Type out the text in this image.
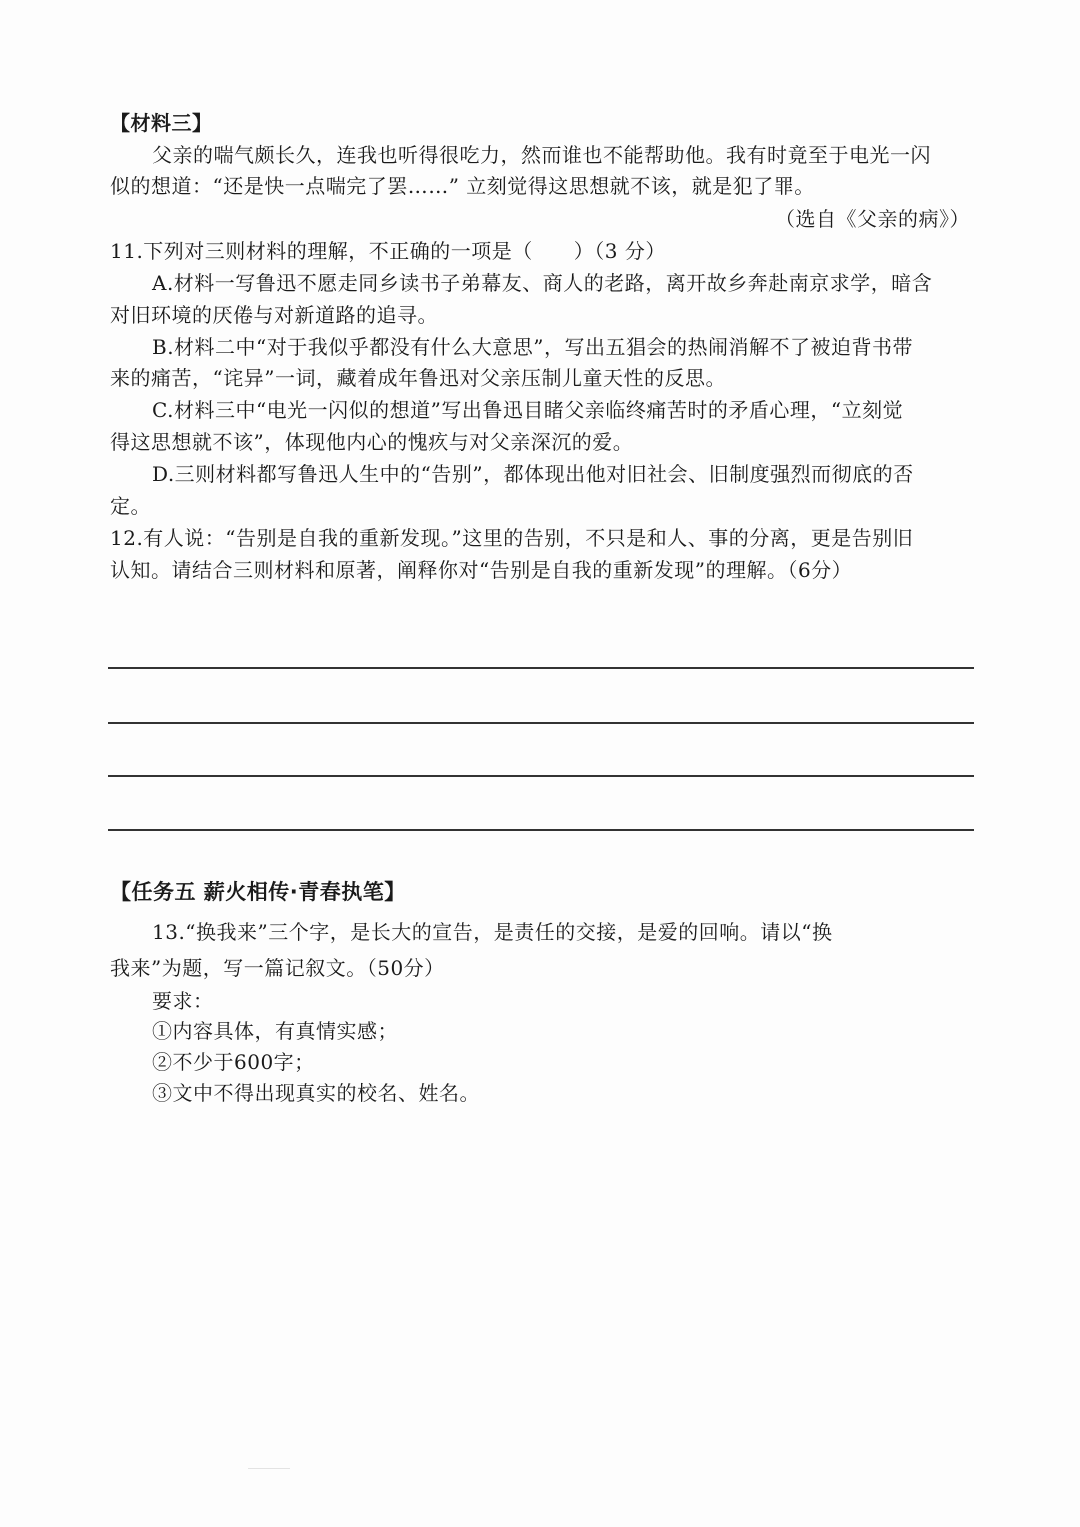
【材料三】
父亲的喘气颇长久，连我也听得很吃力，然而谁也不能帮助他。我有时竟至于电光一闪
似的想道：“还是快一点喘完了罢……” 立刻觉得这思想就不该，就是犯了罪。
（选自《父亲的病》）
11.下列对三则材料的理解，不正确的一项是（　　）（3 分）
A.材料一写鲁迅不愿走同乡读书子弟幕友、商人的老路，离开故乡奔赴南京求学，暗含
对旧环境的厌倦与对新道路的追寻。
B.材料二中“对于我似乎都没有什么大意思”，写出五猖会的热闹消解不了被迫背书带
来的痛苦，“诧异”一词，藏着成年鲁迅对父亲压制儿童天性的反思。
C.材料三中“电光一闪似的想道”写出鲁迅目睹父亲临终痛苦时的矛盾心理，“立刻觉
得这思想就不该”，体现他内心的愧疚与对父亲深沉的爱。
D.三则材料都写鲁迅人生中的“告别”，都体现出他对旧社会、旧制度强烈而彻底的否
定。
12.有人说：“告别是自我的重新发现。”这里的告别，不只是和人、事的分离，更是告别旧
认知。请结合三则材料和原著，阐释你对“告别是自我的重新发现”的理解。（6分）
【任务五 薪火相传·青春执笔】
13.“换我来”三个字，是长大的宣告，是责任的交接，是爱的回响。请以“换
我来”为题，写一篇记叙文。（50分）
要求：
①内容具体，有真情实感；
②不少于600字；
③文中不得出现真实的校名、姓名。
